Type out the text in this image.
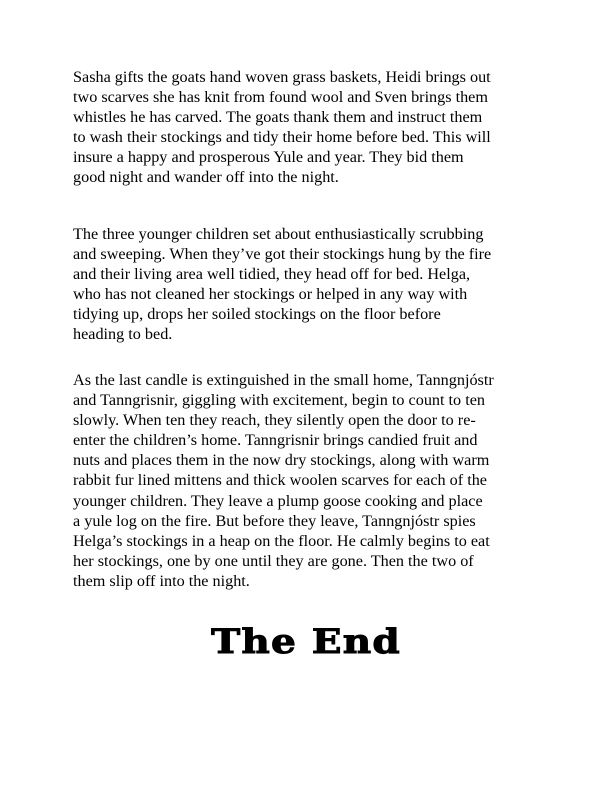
Sasha gifts the goats hand woven grass baskets, Heidi brings out
two scarves she has knit from found wool and Sven brings them
whistles he has carved. The goats thank them and instruct them
to wash their stockings and tidy their home before bed. This will
insure a happy and prosperous Yule and year. They bid them
good night and wander off into the night.
The three younger children set about enthusiastically scrubbing
and sweeping. When they’ve got their stockings hung by the fire
and their living area well tidied, they head off for bed. Helga,
who has not cleaned her stockings or helped in any way with
tidying up, drops her soiled stockings on the floor before
heading to bed.
As the last candle is extinguished in the small home, Tanngnjóstr
and Tanngrisnir, giggling with excitement, begin to count to ten
slowly. When ten they reach, they silently open the door to re-
enter the children’s home. Tanngrisnir brings candied fruit and
nuts and places them in the now dry stockings, along with warm
rabbit fur lined mittens and thick woolen scarves for each of the
younger children. They leave a plump goose cooking and place
a yule log on the fire. But before they leave, Tanngnjóstr spies
Helga’s stockings in a heap on the floor. He calmly begins to eat
her stockings, one by one until they are gone. Then the two of
them slip off into the night.
The End
